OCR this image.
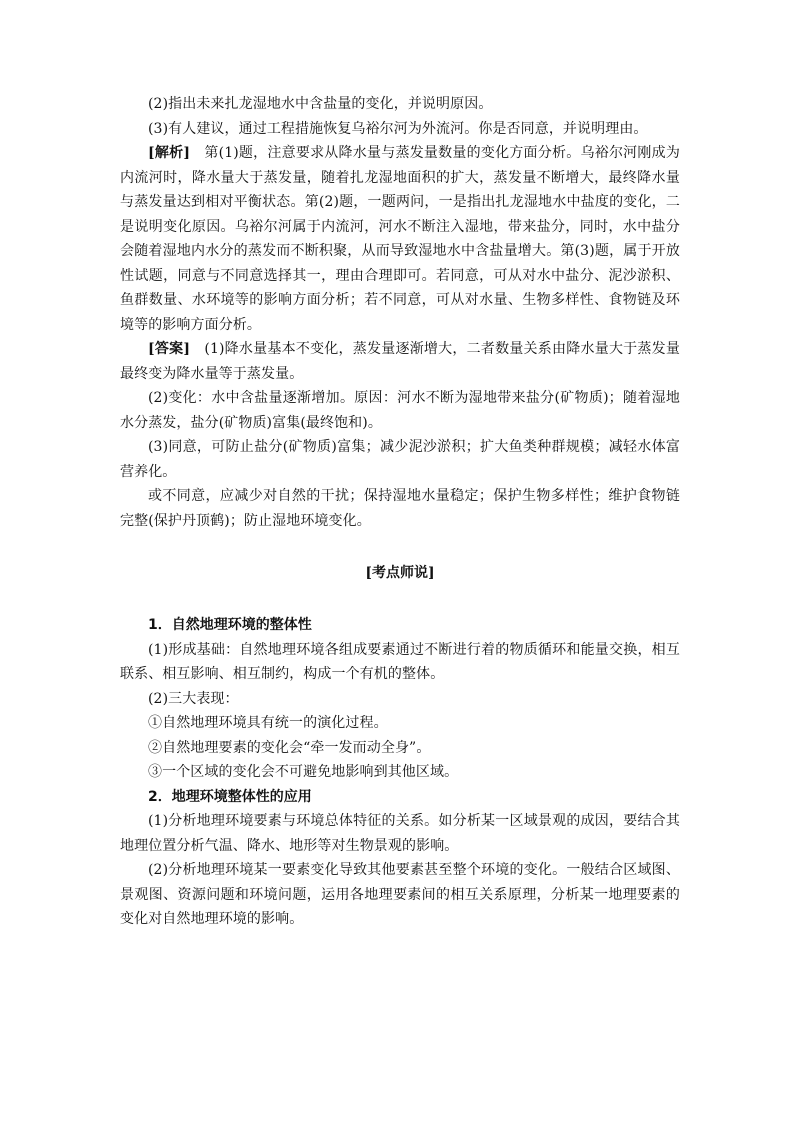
(2)指出未来扎龙湿地水中含盐量的变化，并说明原因。

(3)有人建议，通过工程措施恢复乌裕尔河为外流河。你是否同意，并说明理由。

[解析]　第(1)题，注意要求从降水量与蒸发量数量的变化方面分析。乌裕尔河刚成为内流河时，降水量大于蒸发量，随着扎龙湿地面积的扩大，蒸发量不断增大，最终降水量与蒸发量达到相对平衡状态。第(2)题，一题两问，一是指出扎龙湿地水中盐度的变化，二是说明变化原因。乌裕尔河属于内流河，河水不断注入湿地，带来盐分，同时，水中盐分会随着湿地内水分的蒸发而不断积聚，从而导致湿地水中含盐量增大。第(3)题，属于开放性试题，同意与不同意选择其一，理由合理即可。若同意，可从对水中盐分、泥沙淤积、鱼群数量、水环境等的影响方面分析；若不同意，可从对水量、生物多样性、食物链及环境等的影响方面分析。

[答案]　(1)降水量基本不变化，蒸发量逐渐增大，二者数量关系由降水量大于蒸发量最终变为降水量等于蒸发量。

(2)变化：水中含盐量逐渐增加。原因：河水不断为湿地带来盐分(矿物质)；随着湿地水分蒸发，盐分(矿物质)富集(最终饱和)。

(3)同意，可防止盐分(矿物质)富集；减少泥沙淤积；扩大鱼类种群规模；减轻水体富营养化。

或不同意，应减少对自然的干扰；保持湿地水量稳定；保护生物多样性；维护食物链完整(保护丹顶鹤)；防止湿地环境变化。

[考点师说]

1．自然地理环境的整体性

(1)形成基础：自然地理环境各组成要素通过不断进行着的物质循环和能量交换，相互联系、相互影响、相互制约，构成一个有机的整体。

(2)三大表现：

①自然地理环境具有统一的演化过程。

②自然地理要素的变化会“牵一发而动全身”。

③一个区域的变化会不可避免地影响到其他区域。

2．地理环境整体性的应用

(1)分析地理环境要素与环境总体特征的关系。如分析某一区域景观的成因，要结合其地理位置分析气温、降水、地形等对生物景观的影响。

(2)分析地理环境某一要素变化导致其他要素甚至整个环境的变化。一般结合区域图、景观图、资源问题和环境问题，运用各地理要素间的相互关系原理，分析某一地理要素的变化对自然地理环境的影响。
